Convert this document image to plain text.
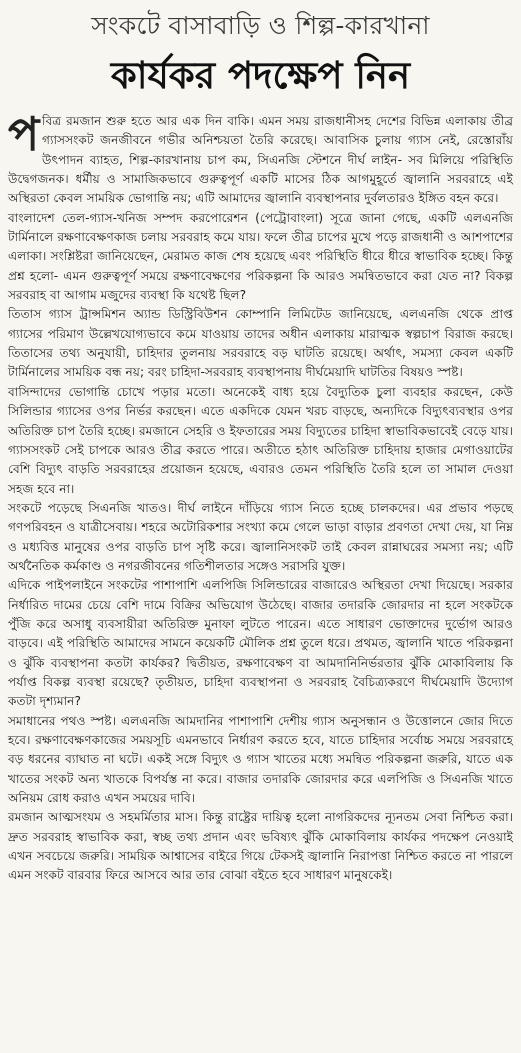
সংকটে বাসাবাড়ি ও শিল্প-কারখানা
কার্যকর পদক্ষেপ নিন

পবিত্র রমজান শুরু হতে আর এক দিন বাকি। এমন সময় রাজধানীসহ দেশের বিভিন্ন এলাকায় তীব্র গ্যাসসংকট জনজীবনে গভীর অনিশ্চয়তা তৈরি করেছে। আবাসিক চুলায় গ্যাস নেই, রেস্তোরাঁয় উৎপাদন ব্যাহত, শিল্প-কারখানায় চাপ কম, সিএনজি স্টেশনে দীর্ঘ লাইন- সব মিলিয়ে পরিস্থিতি উদ্বেগজনক। ধর্মীয় ও সামাজিকভাবে গুরুত্বপূর্ণ একটি মাসের ঠিক আগমুহূর্তে জ্বালানি সরবরাহে এই অস্থিরতা কেবল সাময়িক ভোগান্তি নয়; এটি আমাদের জ্বালানি ব্যবস্থাপনার দুর্বলতারও ইঙ্গিত বহন করে।

বাংলাদেশ তেল-গ্যাস-খনিজ সম্পদ করপোরেশন (পেট্রোবাংলা) সূত্রে জানা গেছে, একটি এলএনজি টার্মিনালে রক্ষণাবেক্ষণকাজ চলায় সরবরাহ কমে যায়। ফলে তীব্র চাপের মুখে পড়ে রাজধানী ও আশপাশের এলাকা। সংশ্লিষ্টরা জানিয়েছেন, মেরামত কাজ শেষ হয়েছে এবং পরিস্থিতি ধীরে ধীরে স্বাভাবিক হচ্ছে। কিন্তু প্রশ্ন হলো- এমন গুরুত্বপূর্ণ সময়ে রক্ষণাবেক্ষণের পরিকল্পনা কি আরও সমন্বিতভাবে করা যেত না? বিকল্প সরবরাহ বা আগাম মজুদের ব্যবস্থা কি যথেষ্ট ছিল?

তিতাস গ্যাস ট্রান্সমিশন অ্যান্ড ডিস্ট্রিবিউশন কোম্পানি লিমিটেড জানিয়েছে, এলএনজি থেকে প্রাপ্ত গ্যাসের পরিমাণ উল্লেখযোগ্যভাবে কমে যাওয়ায় তাদের অধীন এলাকায় মারাত্মক স্বল্পচাপ বিরাজ করছে। তিতাসের তথ্য অনুযায়ী, চাহিদার তুলনায় সরবরাহে বড় ঘাটতি রয়েছে। অর্থাৎ, সমস্যা কেবল একটি টার্মিনালের সাময়িক বন্ধ নয়; বরং চাহিদা-সরবরাহ ব্যবস্থাপনায় দীর্ঘমেয়াদি ঘাটতির বিষয়ও স্পষ্ট।

বাসিন্দাদের ভোগান্তি চোখে পড়ার মতো। অনেকেই বাধ্য হয়ে বৈদ্যুতিক চুলা ব্যবহার করছেন, কেউ সিলিন্ডার গ্যাসের ওপর নির্ভর করছেন। এতে একদিকে যেমন খরচ বাড়ছে, অন্যদিকে বিদ্যুৎব্যবস্থার ওপর অতিরিক্ত চাপ তৈরি হচ্ছে। রমজানে সেহরি ও ইফতারের সময় বিদ্যুতের চাহিদা স্বাভাবিকভাবেই বেড়ে যায়। গ্যাসসংকট সেই চাপকে আরও তীব্র করতে পারে। অতীতে হঠাৎ অতিরিক্ত চাহিদায় হাজার মেগাওয়াটের বেশি বিদ্যুৎ বাড়তি সরবরাহের প্রয়োজন হয়েছে, এবারও তেমন পরিস্থিতি তৈরি হলে তা সামাল দেওয়া সহজ হবে না।

সংকটে পড়েছে সিএনজি খাতও। দীর্ঘ লাইনে দাঁড়িয়ে গ্যাস নিতে হচ্ছে চালকদের। এর প্রভাব পড়ছে গণপরিবহন ও যাত্রীসেবায়। শহরে অটোরিকশার সংখ্যা কমে গেলে ভাড়া বাড়ার প্রবণতা দেখা দেয়, যা নিম্ন ও মধ্যবিত্ত মানুষের ওপর বাড়তি চাপ সৃষ্টি করে। জ্বালানিসংকট তাই কেবল রান্নাঘরের সমস্যা নয়; এটি অর্থনৈতিক কর্মকাণ্ড ও নগরজীবনের গতিশীলতার সঙ্গেও সরাসরি যুক্ত।

এদিকে পাইপলাইনে সংকটের পাশাপাশি এলপিজি সিলিন্ডারের বাজারেও অস্থিরতা দেখা দিয়েছে। সরকার নির্ধারিত দামের চেয়ে বেশি দামে বিক্রির অভিযোগ উঠেছে। বাজার তদারকি জোরদার না হলে সংকটকে পুঁজি করে অসাধু ব্যবসায়ীরা অতিরিক্ত মুনাফা লুটতে পারেন। এতে সাধারণ ভোক্তাদের দুর্ভোগ আরও বাড়বে। এই পরিস্থিতি আমাদের সামনে কয়েকটি মৌলিক প্রশ্ন তুলে ধরে। প্রথমত, জ্বালানি খাতে পরিকল্পনা ও ঝুঁকি ব্যবস্থাপনা কতটা কার্যকর? দ্বিতীয়ত, রক্ষণাবেক্ষণ বা আমদানিনির্ভরতার ঝুঁকি মোকাবিলায় কি পর্যাপ্ত বিকল্প ব্যবস্থা রয়েছে? তৃতীয়ত, চাহিদা ব্যবস্থাপনা ও সরবরাহ বৈচিত্র্যকরণে দীর্ঘমেয়াদি উদ্যোগ কতটা দৃশ্যমান?

সমাধানের পথও স্পষ্ট। এলএনজি আমদানির পাশাপাশি দেশীয় গ্যাস অনুসন্ধান ও উত্তোলনে জোর দিতে হবে। রক্ষণাবেক্ষণকাজের সময়সূচি এমনভাবে নির্ধারণ করতে হবে, যাতে চাহিদার সর্বোচ্চ সময়ে সরবরাহে বড় ধরনের ব্যাঘাত না ঘটে। একই সঙ্গে বিদ্যুৎ ও গ্যাস খাতের মধ্যে সমন্বিত পরিকল্পনা জরুরি, যাতে এক খাতের সংকট অন্য খাতকে বিপর্যস্ত না করে। বাজার তদারকি জোরদার করে এলপিজি ও সিএনজি খাতে অনিয়ম রোধ করাও এখন সময়ের দাবি।

রমজান আত্মসংযম ও সহমর্মিতার মাস। কিন্তু রাষ্ট্রের দায়িত্ব হলো নাগরিকদের ন্যূনতম সেবা নিশ্চিত করা। দ্রুত সরবরাহ স্বাভাবিক করা, স্বচ্ছ তথ্য প্রদান এবং ভবিষ্যৎ ঝুঁকি মোকাবিলায় কার্যকর পদক্ষেপ নেওয়াই এখন সবচেয়ে জরুরি। সাময়িক আশ্বাসের বাইরে গিয়ে টেকসই জ্বালানি নিরাপত্তা নিশ্চিত করতে না পারলে এমন সংকট বারবার ফিরে আসবে আর তার বোঝা বইতে হবে সাধারণ মানুষকেই।
